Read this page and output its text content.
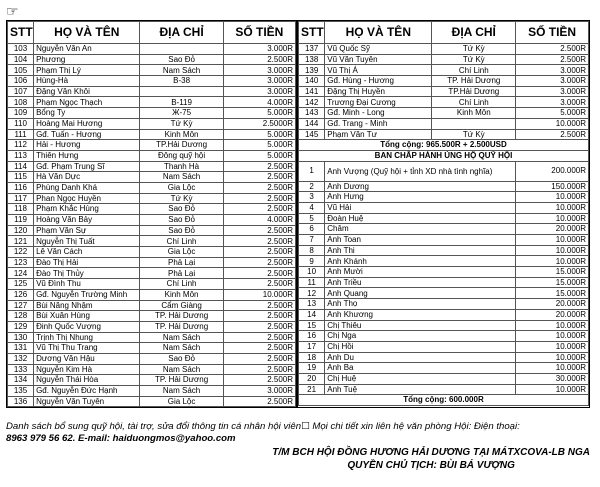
☞
STT	HỌ VÀ TÊN	ĐỊA CHỈ	SỐ TIỀN
103	Nguyễn Văn An		3.000R
104	Phương	Sao Đỏ	2.500R
105	Phạm Thị Lý	Nam Sách	3.000R
106	Hùng-Hà	B-38	3.000R
107	Đặng Văn Khôi		3.000R
108	Phạm Ngọc Thạch	B-119	4.000R
109	Bổng Ty	Ж-75	5.000R
110	Hoàng Mai Hương	Tứ Kỳ	2.5000R
111	Gđ. Tuấn - Hương	Kinh Môn	5.000R
112	Hải - Hương	TP.Hải Dương	5.000R
113	Thiên Hưng	Đông quỹ hội	5.000R
114	Gđ. Phạm Trung Sĩ	Thanh Hà	2.500R
115	Hà Văn Dực	Nam Sách	2.500R
116	Phùng Danh Khá	Gia Lộc	2.500R
117	Phan Ngọc Huyền	Tứ Kỳ	2.500R
118	Phạm Khắc Hùng	Sao Đỏ	2.500R
119	Hoàng Văn Bảy	Sao Đỏ	4.000R
120	Phạm Văn Sự	Sao Đỏ	2.500R
121	Nguyễn Thị Tuất	Chí Linh	2.500R
122	Lê Văn Cách	Gia Lộc	2.500R
123	Đào Thị Hải	Phả Lại	2.500R
124	Đào Thị Thủy	Phả Lại	2.500R
125	Vũ Đình Thu	Chí Linh	2.500R
126	Gđ. Nguyễn Trường Minh	Kinh Môn	10.000R
127	Bùi Năng Nhậm	Cẩm Giàng	2.500R
128	Bùi Xuân Hùng	TP. Hải Dương	2.500R
129	Đinh Quốc Vượng	TP. Hải Dương	2.500R
130	Trịnh Thị Nhung	Nam Sách	2.500R
131	Vũ Thị Thu Trang	Nam Sách	2.500R
132	Dương Văn Hậu	Sao Đỏ	2.500R
133	Nguyễn Kim Hà	Nam Sách	2.500R
134	Nguyễn Thái Hòa	TP. Hải Dương	2.500R
135	Gđ. Nguyễn Đức Hạnh	Nam Sách	3.000R
136	Nguyễn Văn Tuyên	Gia Lộc	2.500R
STT	HỌ VÀ TÊN	ĐỊA CHỈ	SỐ TIỀN
137	Vũ Quốc Sỹ	Tứ Kỳ	2.500R
138	Vũ Văn Tuyên	Tứ Kỳ	2.500R
139	Vũ Thị Á	Chí Linh	3.000R
140	Gđ. Hùng - Hương	TP. Hải Dương	3.000R
141	Đặng Thị Huyền	TP.Hải Dương	3.000R
142	Trương Đại Cương	Chí Linh	3.000R
143	Gđ. Minh - Long	Kinh Môn	5.000R
144	Gđ. Trang - Minh		10.000R
145	Phạm Văn Tư	Tứ Kỳ	2.500R
Tổng cộng: 965.500R + 2.500USD			
BAN CHẤP HÀNH ỦNG HỘ QUỸ HỘI			
1	Anh Vượng (Quỹ hội + tỉnh XD nhà tình nghĩa)		200.000R
2	Anh Dương		150.000R
3	Anh Hưng		10.000R
4	Vũ Hải		10.000R
5	Đoàn Huệ		10.000R
6	Châm		20.000R
7	Anh Toan		10.000R
8	Anh Thi		10.000R
9	Anh Khánh		10.000R
10	Anh Mười		15.000R
11	Anh Triều		15.000R
12	Anh Quang		15.000R
13	Anh Thọ		20.000R
14	Anh Khương		20.000R
15	Chị Thiêu		10.000R
16	Chị Nga		10.000R
17	Chị Hồi		10.000R
18	Anh Du		10.000R
19	Anh Ba		10.000R
20	Chị Huệ		30.000R
21	Anh Tuệ		10.000R
Tổng cộng: 600.000R			
Danh sách bổ sung quỹ hội, tài trợ, sửa đổi thông tin cá nhân hội viên☐ Mọi chi tiết xin liên hệ văn phòng Hội: Điện thoại:
8963 979 56 62. E-mail: haiduongmos@yahoo.com
T/M BCH HỘI ĐỒNG HƯƠNG HẢI DƯƠNG TẠI MÁTXCOVA-LB NGA
QUYỀN CHỦ TỊCH: BÙI BÁ VƯỢNG
